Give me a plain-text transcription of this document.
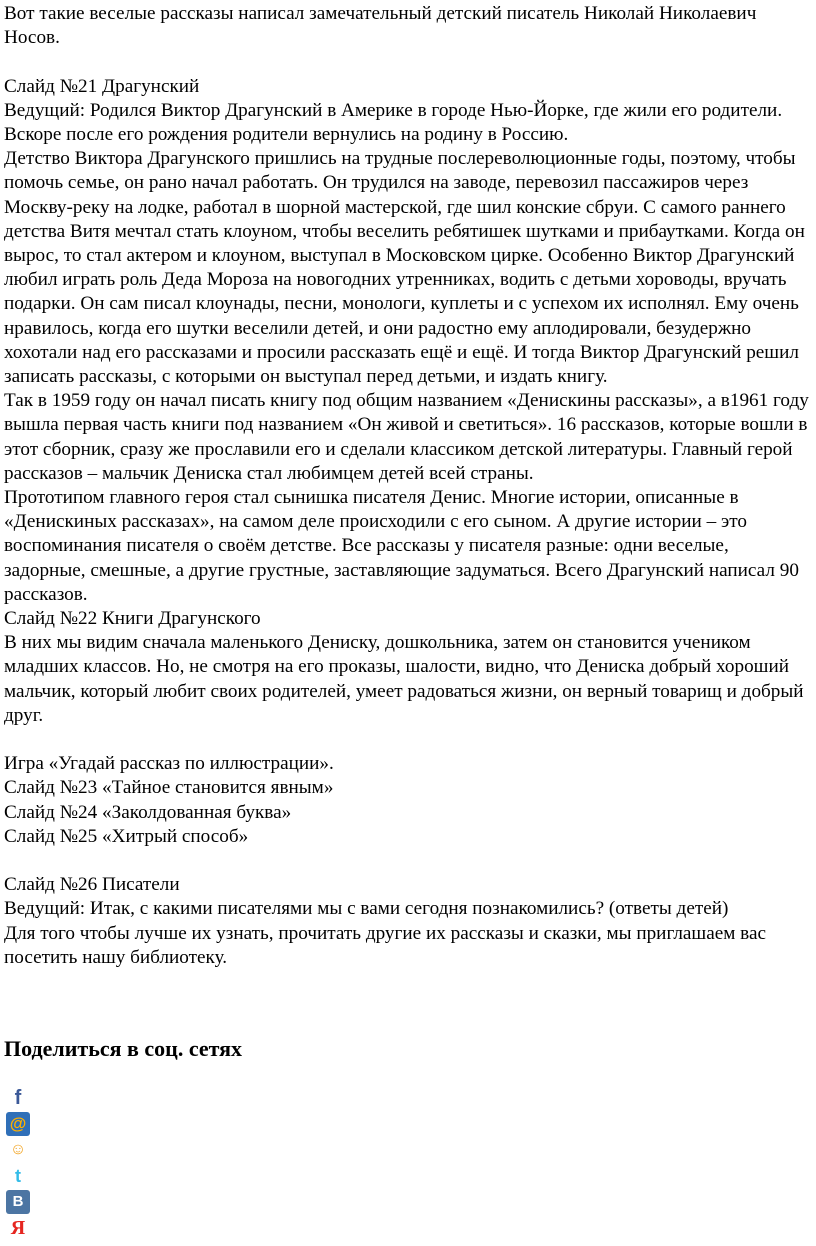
Вот такие веселые рассказы написал замечательный детский писатель Николай Николаевич Носов.

Слайд №21 Драгунский

Ведущий: Родился Виктор Драгунский в Америке в городе Нью-Йорке, где жили его родители. Вскоре после его рождения родители вернулись на родину в Россию.

Детство Виктора Драгунского пришлись на трудные послереволюционные годы, поэтому, чтобы помочь семье, он рано начал работать. Он трудился на заводе, перевозил пассажиров через Москву-реку на лодке, работал в шорной мастерской, где шил конские сбруи. С самого раннего детства Витя мечтал стать клоуном, чтобы веселить ребятишек шутками и прибаутками. Когда он вырос, то стал актером и клоуном, выступал в Московском цирке. Особенно Виктор Драгунский любил играть роль Деда Мороза на новогодних утренниках, водить с детьми хороводы, вручать подарки. Он сам писал клоунады, песни, монологи, куплеты и с успехом их исполнял. Ему очень нравилось, когда его шутки веселили детей, и они радостно ему аплодировали, безудержно хохотали над его рассказами и просили рассказать ещё и ещё. И тогда Виктор Драгунский решил записать рассказы, с которыми он выступал перед детьми, и издать книгу.

Так в 1959 году он начал писать книгу под общим названием «Денискины рассказы», а в1961 году вышла первая часть книги под названием «Он живой и светиться». 16 рассказов, которые вошли в этот сборник, сразу же прославили его и сделали классиком детской литературы. Главный герой рассказов – мальчик Дениска стал любимцем детей всей страны.

Прототипом главного героя стал сынишка писателя Денис. Многие истории, описанные в «Денискиных рассказах», на самом деле происходили с его сыном. А другие истории – это воспоминания писателя о своём детстве. Все рассказы у писателя разные: одни веселые, задорные, смешные, а другие грустные, заставляющие задуматься. Всего Драгунский написал 90 рассказов.

Слайд №22 Книги Драгунского

В них мы видим сначала маленького Дениску, дошкольника, затем он становится учеником младших классов. Но, не смотря на его проказы, шалости, видно, что Дениска добрый хороший мальчик, который любит своих родителей, умеет радоваться жизни, он верный товарищ и добрый друг.

Игра «Угадай рассказ по иллюстрации».

Слайд №23 «Тайное становится явным»

Слайд №24 «Заколдованная буква»

Слайд №25 «Хитрый способ»

Слайд №26 Писатели

Ведущий: Итак, с какими писателями мы с вами сегодня познакомились? (ответы детей)

Для того чтобы лучше их узнать, прочитать другие их рассказы и сказки, мы приглашаем вас посетить нашу библиотеку.

Поделиться в соц. сетях
f
@
☺
t
B
Я
